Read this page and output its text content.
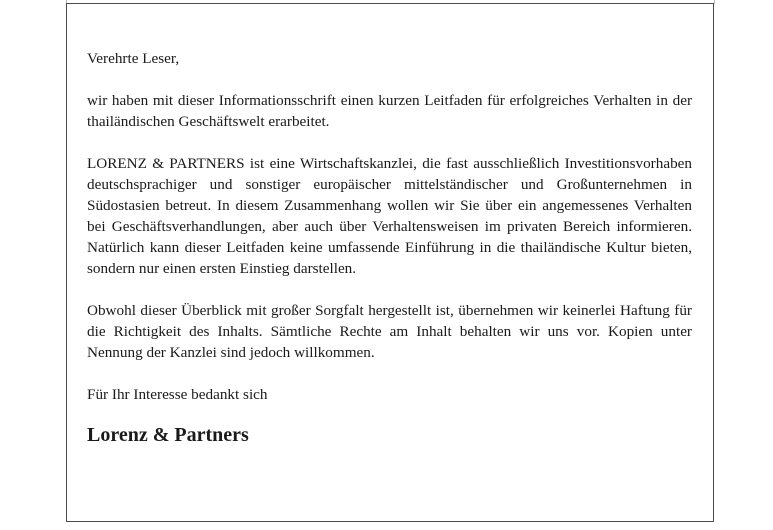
Verehrte Leser,

wir haben mit dieser Informationsschrift einen kurzen Leitfaden für erfolgreiches Verhalten in der thailändischen Geschäftswelt erarbeitet.

LORENZ & PARTNERS ist eine Wirtschaftskanzlei, die fast ausschließlich Investitionsvorhaben deutschsprachiger und sonstiger europäischer mittelständischer und Großunternehmen in Südostasien betreut. In diesem Zusammenhang wollen wir Sie über ein angemessenes Verhalten bei Geschäftsverhandlungen, aber auch über Verhaltensweisen im privaten Bereich informieren. Natürlich kann dieser Leitfaden keine umfassende Einführung in die thailändische Kultur bieten, sondern nur einen ersten Einstieg darstellen.

Obwohl dieser Überblick mit großer Sorgfalt hergestellt ist, übernehmen wir keinerlei Haftung für die Richtigkeit des Inhalts. Sämtliche Rechte am Inhalt behalten wir uns vor. Kopien unter Nennung der Kanzlei sind jedoch willkommen.

Für Ihr Interesse bedankt sich

Lorenz & Partners
